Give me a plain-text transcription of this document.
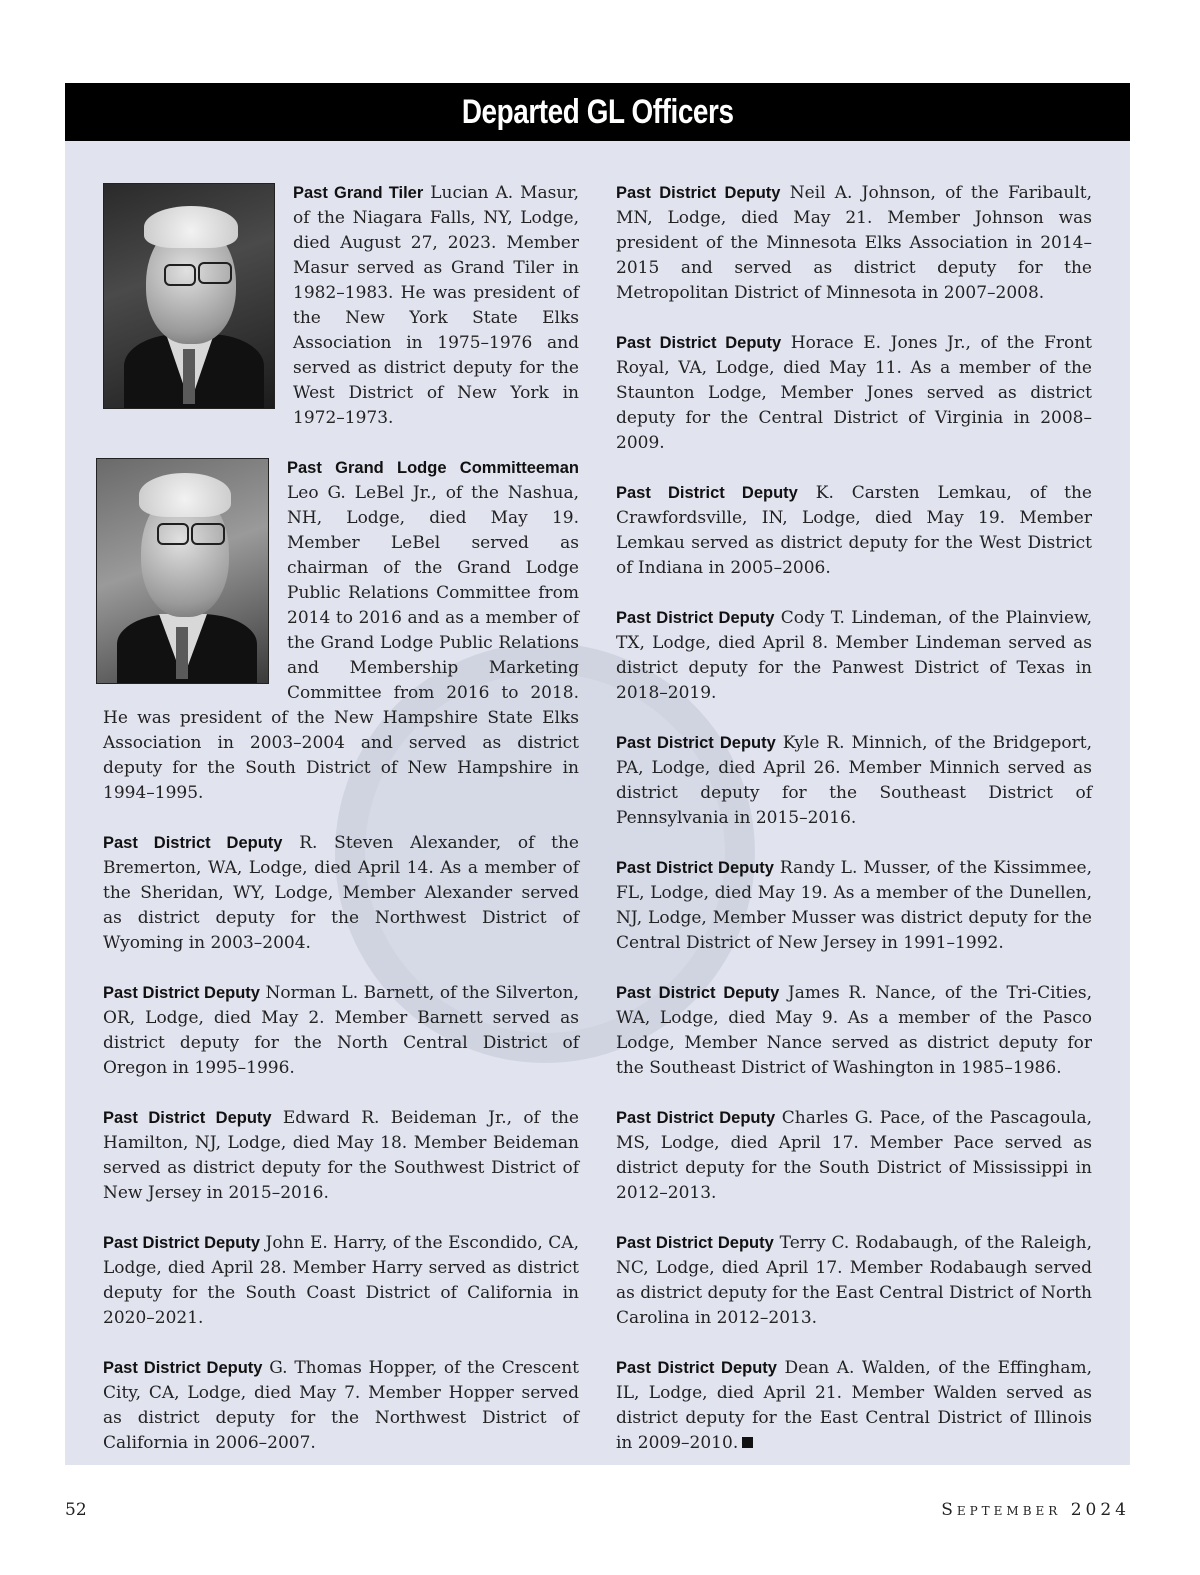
Departed GL Officers

Past Grand Tiler Lucian A. Masur, of the Niagara Falls, NY, Lodge, died August 27, 2023. Member Masur served as Grand Tiler in 1982–1983. He was president of the New York State Elks Association in 1975–1976 and served as district deputy for the West District of New York in 1972–1973.

Past Grand Lodge Committeeman Leo G. LeBel Jr., of the Nashua, NH, Lodge, died May 19. Member LeBel served as chairman of the Grand Lodge Public Relations Committee from 2014 to 2016 and as a member of the Grand Lodge Public Relations and Membership Marketing Committee from 2016 to 2018. He was president of the New Hampshire State Elks Association in 2003–2004 and served as district deputy for the South District of New Hampshire in 1994–1995.

Past District Deputy R. Steven Alexander, of the Bremerton, WA, Lodge, died April 14. As a member of the Sheridan, WY, Lodge, Member Alexander served as district deputy for the Northwest District of Wyoming in 2003–2004.

Past District Deputy Norman L. Barnett, of the Silverton, OR, Lodge, died May 2. Member Barnett served as district deputy for the North Central District of Oregon in 1995–1996.

Past District Deputy Edward R. Beideman Jr., of the Hamilton, NJ, Lodge, died May 18. Member Beideman served as district deputy for the Southwest District of New Jersey in 2015–2016.

Past District Deputy John E. Harry, of the Escondido, CA, Lodge, died April 28. Member Harry served as district deputy for the South Coast District of California in 2020–2021.

Past District Deputy G. Thomas Hopper, of the Crescent City, CA, Lodge, died May 7. Member Hopper served as district deputy for the Northwest District of California in 2006–2007.

Past District Deputy Neil A. Johnson, of the Faribault, MN, Lodge, died May 21. Member Johnson was president of the Minnesota Elks Association in 2014–2015 and served as district deputy for the Metropolitan District of Minnesota in 2007–2008.

Past District Deputy Horace E. Jones Jr., of the Front Royal, VA, Lodge, died May 11. As a member of the Staunton Lodge, Member Jones served as district deputy for the Central District of Virginia in 2008–2009.

Past District Deputy K. Carsten Lemkau, of the Crawfordsville, IN, Lodge, died May 19. Member Lemkau served as district deputy for the West District of Indiana in 2005–2006.

Past District Deputy Cody T. Lindeman, of the Plainview, TX, Lodge, died April 8. Member Lindeman served as district deputy for the Panwest District of Texas in 2018–2019.

Past District Deputy Kyle R. Minnich, of the Bridgeport, PA, Lodge, died April 26. Member Minnich served as district deputy for the Southeast District of Pennsylvania in 2015–2016.

Past District Deputy Randy L. Musser, of the Kissimmee, FL, Lodge, died May 19. As a member of the Dunellen, NJ, Lodge, Member Musser was district deputy for the Central District of New Jersey in 1991–1992.

Past District Deputy James R. Nance, of the Tri-Cities, WA, Lodge, died May 9. As a member of the Pasco Lodge, Member Nance served as district deputy for the Southeast District of Washington in 1985–1986.

Past District Deputy Charles G. Pace, of the Pascagoula, MS, Lodge, died April 17. Member Pace served as district deputy for the South District of Mississippi in 2012–2013.

Past District Deputy Terry C. Rodabaugh, of the Raleigh, NC, Lodge, died April 17. Member Rodabaugh served as district deputy for the East Central District of North Carolina in 2012–2013.

Past District Deputy Dean A. Walden, of the Effingham, IL, Lodge, died April 21. Member Walden served as district deputy for the East Central District of Illinois in 2009–2010.

52	September 2024
